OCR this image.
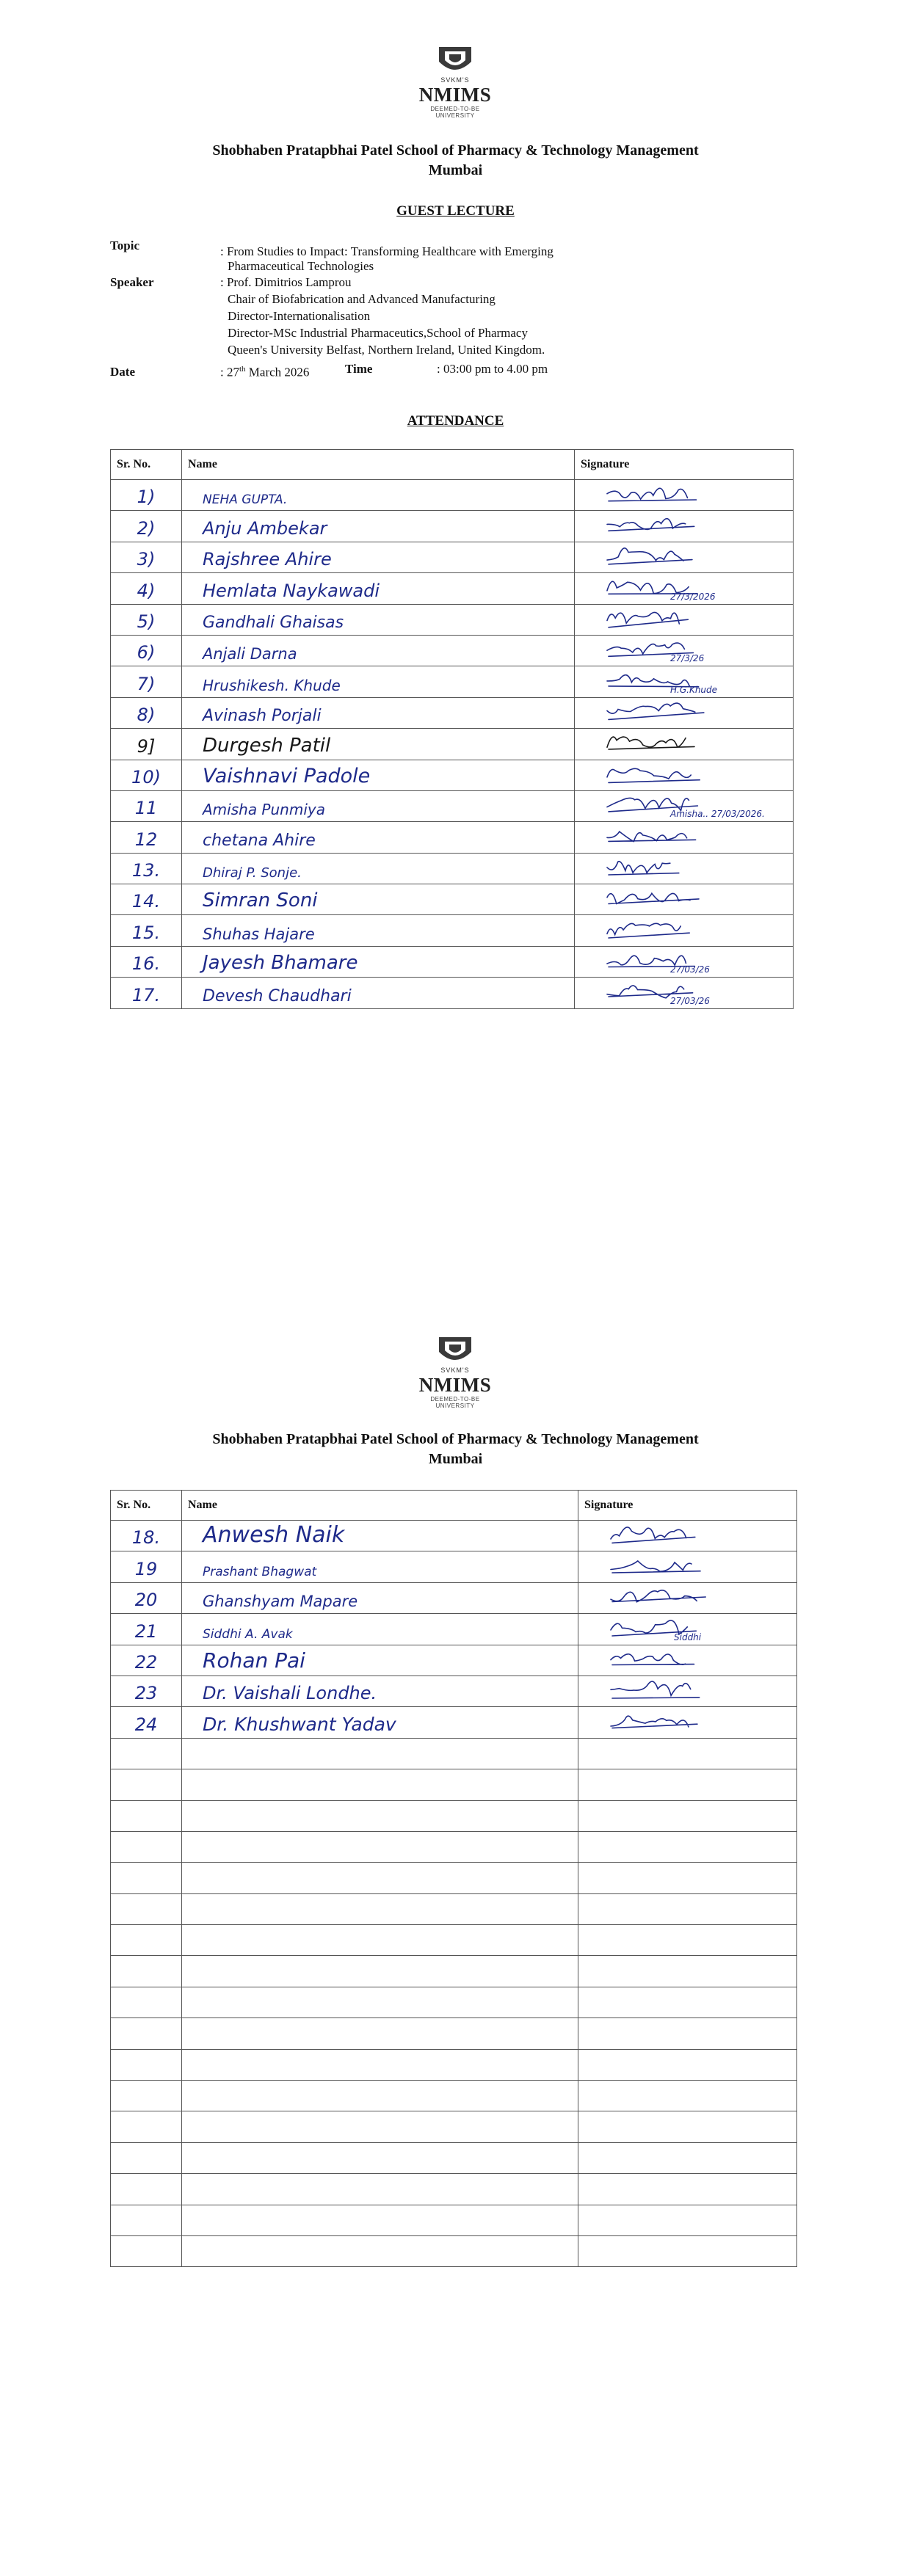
SVKM'S
NMIMS
DEEMED-TO-BE UNIVERSITY
Shobhaben Pratapbhai Patel School of Pharmacy & Technology Management
Mumbai
GUEST LECTURE
Topic	: From Studies to Impact: Transforming Healthcare with Emerging
Pharmaceutical Technologies
Speaker	: Prof. Dimitrios Lamprou
Chair of Biofabrication and Advanced Manufacturing
Director-Internationalisation
Director-MSc Industrial Pharmaceutics,School of Pharmacy
Queen's University Belfast, Northern Ireland, United Kingdom.
Date	: 27th March 2026	Time	: 03:00 pm to 4.00 pm
ATTENDANCE
Sr. No.	Name	Signature

1)	NEHA GUPTA.

2)	Anju Ambekar

3)	Rajshree Ahire

4)	Hemlata Naykawadi	27/3/2026

5)	Gandhali Ghaisas

6)	Anjali Darna	27/3/26

7)	Hrushikesh. Khude	H.G.Khude

8)	Avinash Porjali

9]	Durgesh Patil

10)	Vaishnavi Padole

11	Amisha Punmiya	Amisha.. 27/03/2026.

12	chetana Ahire

13.	Dhiraj P. Sonje.

14.	Simran Soni

15.	Shuhas Hajare

16.	Jayesh Bhamare	27/03/26

17.	Devesh Chaudhari	27/03/26
SVKM'S
NMIMS
DEEMED-TO-BE UNIVERSITY
Shobhaben Pratapbhai Patel School of Pharmacy & Technology Management
Mumbai
Sr. No.	Name	Signature

18.	Anwesh Naik

19	Prashant Bhagwat

20	Ghanshyam Mapare

21	Siddhi A. Avak	Siddhi

22	Rohan Pai

23	Dr. Vaishali Londhe.

24	Dr. Khushwant Yadav
